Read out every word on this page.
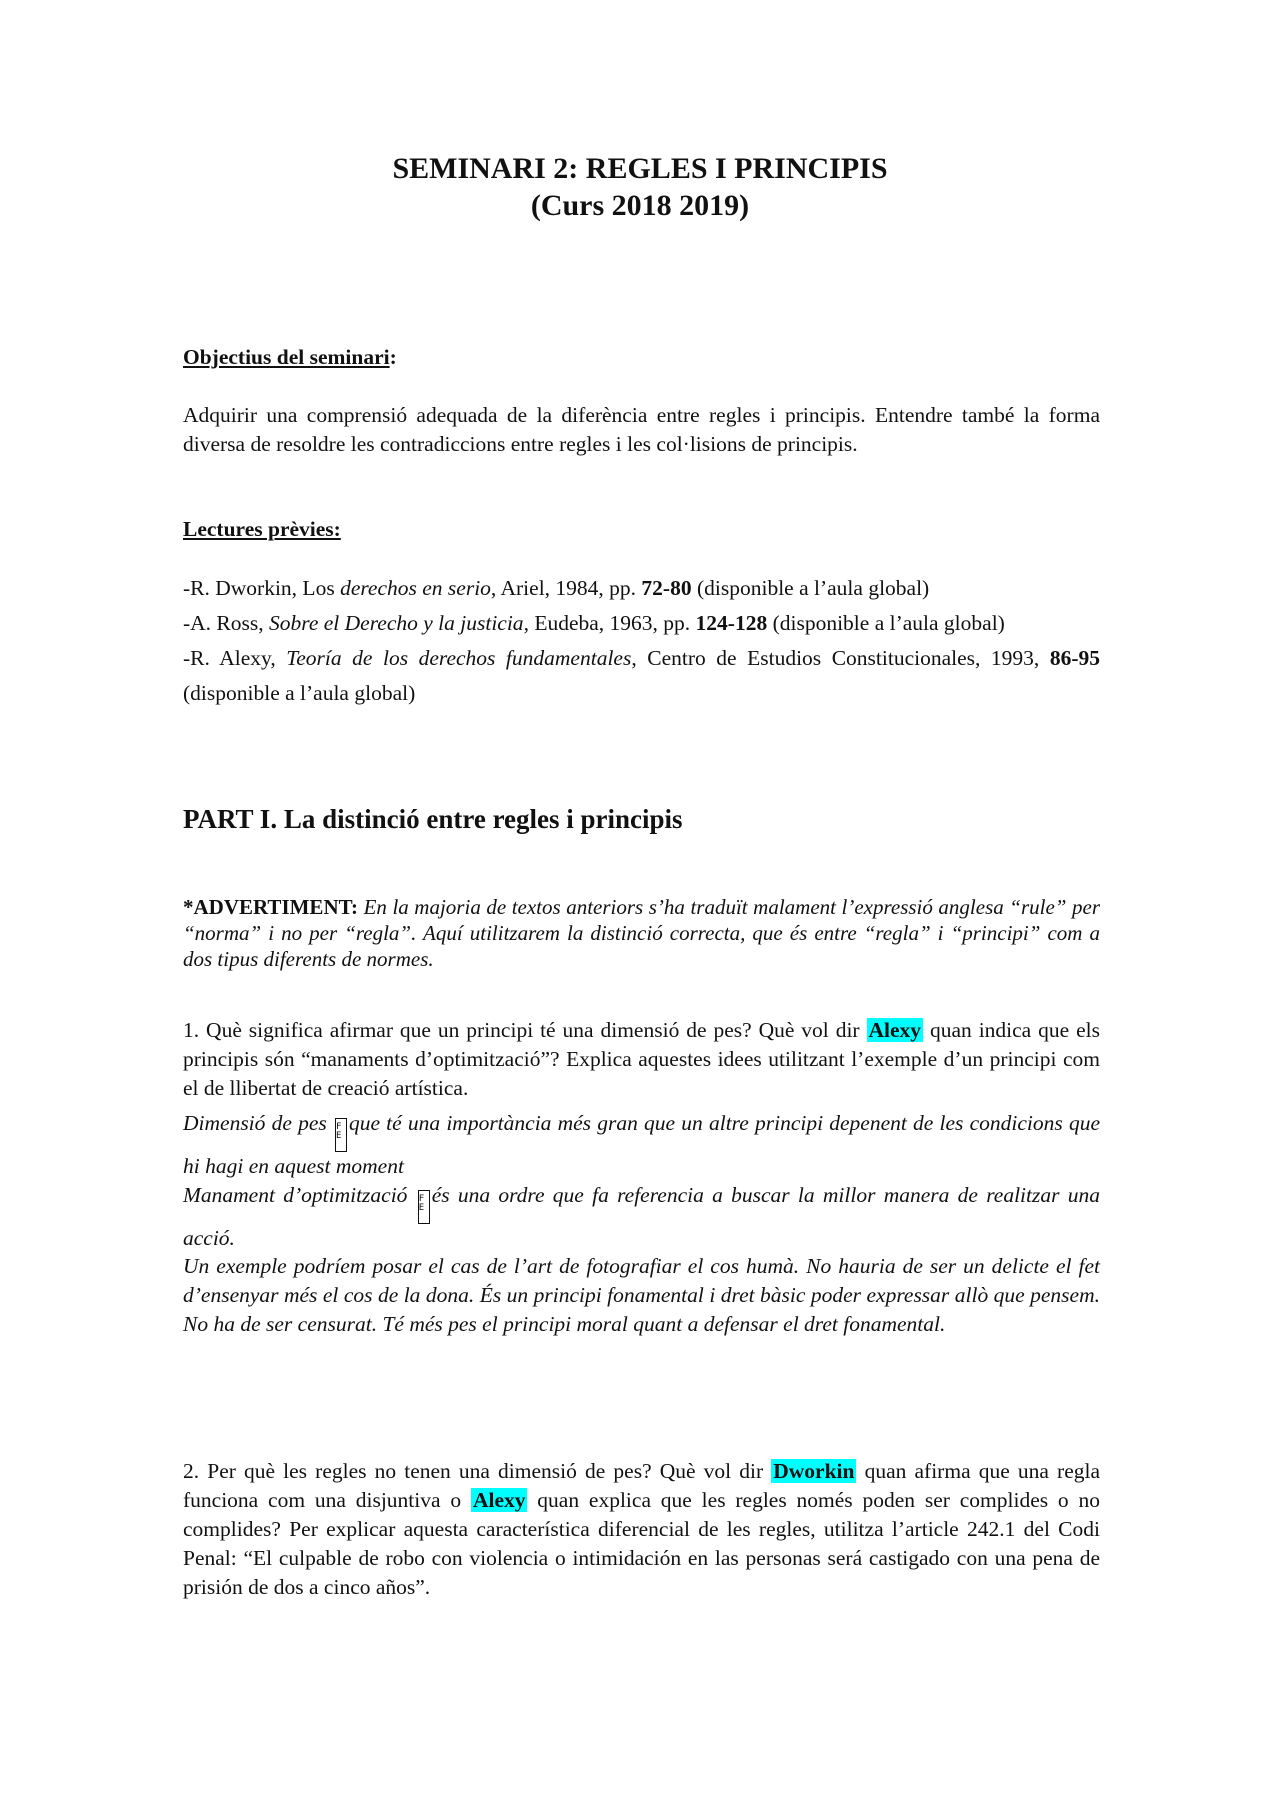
SEMINARI 2: REGLES I PRINCIPIS
(Curs 2018 2019)
Objectius del seminari:
Adquirir una comprensió adequada de la diferència entre regles i principis. Entendre també la forma diversa de resoldre les contradiccions entre regles i les col·lisions de principis.
Lectures prèvies:

-R. Dworkin, Los derechos en serio, Ariel, 1984, pp. 72-80 (disponible a l’aula global)

-A. Ross, Sobre el Derecho y la justicia, Eudeba, 1963, pp. 124-128 (disponible a l’aula global)

-R. Alexy, Teoría de los derechos fundamentales, Centro de Estudios Constitucionales, 1993, 86-95 (disponible a l’aula global)

PART I. La distinció entre regles i principis
*ADVERTIMENT: En la majoria de textos anteriors s’ha traduït malament l’expressió anglesa “rule” per “norma” i no per “regla”. Aquí utilitzarem la distinció correcta, que és entre “regla” i “principi” com a dos tipus diferents de normes.
1. Què significa afirmar que un principi té una dimensió de pes? Què vol dir Alexy quan indica que els principis són “manaments d’optimització”? Explica aquestes idees utilitzant l’exemple d’un principi com el de llibertat de creació artística.
Dimensió de pes F
Eque té una importància més gran que un altre principi depenent de les condicions que hi hagi en aquest moment
Manament d’optimització F
Eés una ordre que fa referencia a buscar la millor manera de realitzar una acció.
Un exemple podríem posar el cas de l’art de fotografiar el cos humà. No hauria de ser un delicte el fet d’ensenyar més el cos de la dona. És un principi fonamental i dret bàsic poder expressar allò que pensem. No ha de ser censurat. Té més pes el principi moral quant a defensar el dret fonamental.
2. Per què les regles no tenen una dimensió de pes? Què vol dir Dworkin quan afirma que una regla funciona com una disjuntiva o Alexy quan explica que les regles només poden ser complides o no complides? Per explicar aquesta característica diferencial de les regles, utilitza l’article 242.1 del Codi Penal: “El culpable de robo con violencia o intimidación en las personas será castigado con una pena de prisión de dos a cinco años”.
